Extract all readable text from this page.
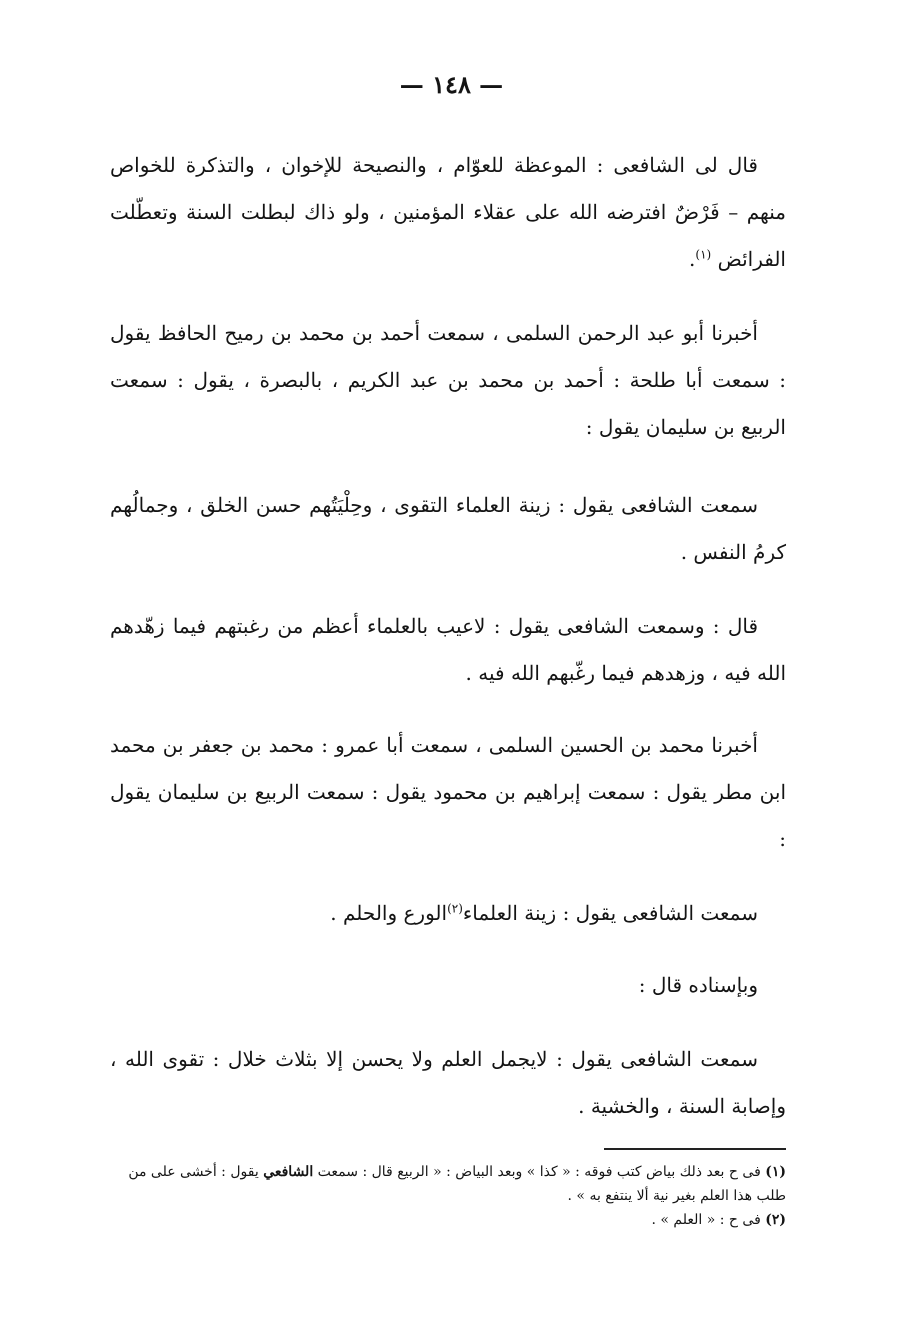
— ١٤٨ —
قال لى الشافعى : الموعظة للعوّام ، والنصيحة للإخوان ، والتذكرة للخواص منهم – فَرْضٌ افترضه الله على عقلاء المؤمنين ، ولو ذاك لبطلت السنة وتعطّلت الفرائض $^{(١)}$.
أخبرنا أبو عبد الرحمن السلمى ، سمعت أحمد بن محمد بن رميح الحافظ يقول : سمعت أبا طلحة : أحمد بن محمد بن عبد الكريم ، بالبصرة ، يقول : سمعت الربيع بن سليمان يقول :
سمعت الشافعى يقول : زينة العلماء التقوى ، وحِلْيَتُهم حسن الخلق ، وجمالُهم كرمُ النفس .
قال : وسمعت الشافعى يقول : لاعيب بالعلماء أعظم من رغبتهم فيما زهّدهم الله فيه ، وزهدهم فيما رغّبهم الله فيه .
أخبرنا محمد بن الحسين السلمى ، سمعت أبا عمرو : محمد بن جعفر بن محمد ابن مطر يقول : سمعت إبراهيم بن محمود يقول : سمعت الربيع بن سليمان يقول :
سمعت الشافعى يقول : زينة العلماء$^{(٢)}$الورع والحلم .
وبإسناده قال :
سمعت الشافعى يقول : لايجمل العلم ولا يحسن إلا بثلاث خلال : تقوى الله ، وإصابة السنة ، والخشية .
(١) فى ح بعد ذلك بياض كتب فوقه : « كذا » وبعد البياض : « الربيع قال : سمعت الشافعي يقول : أخشى على من طلب هذا العلم بغير نية ألا ينتفع به » .
(٢) فى ح : « العلم » .
